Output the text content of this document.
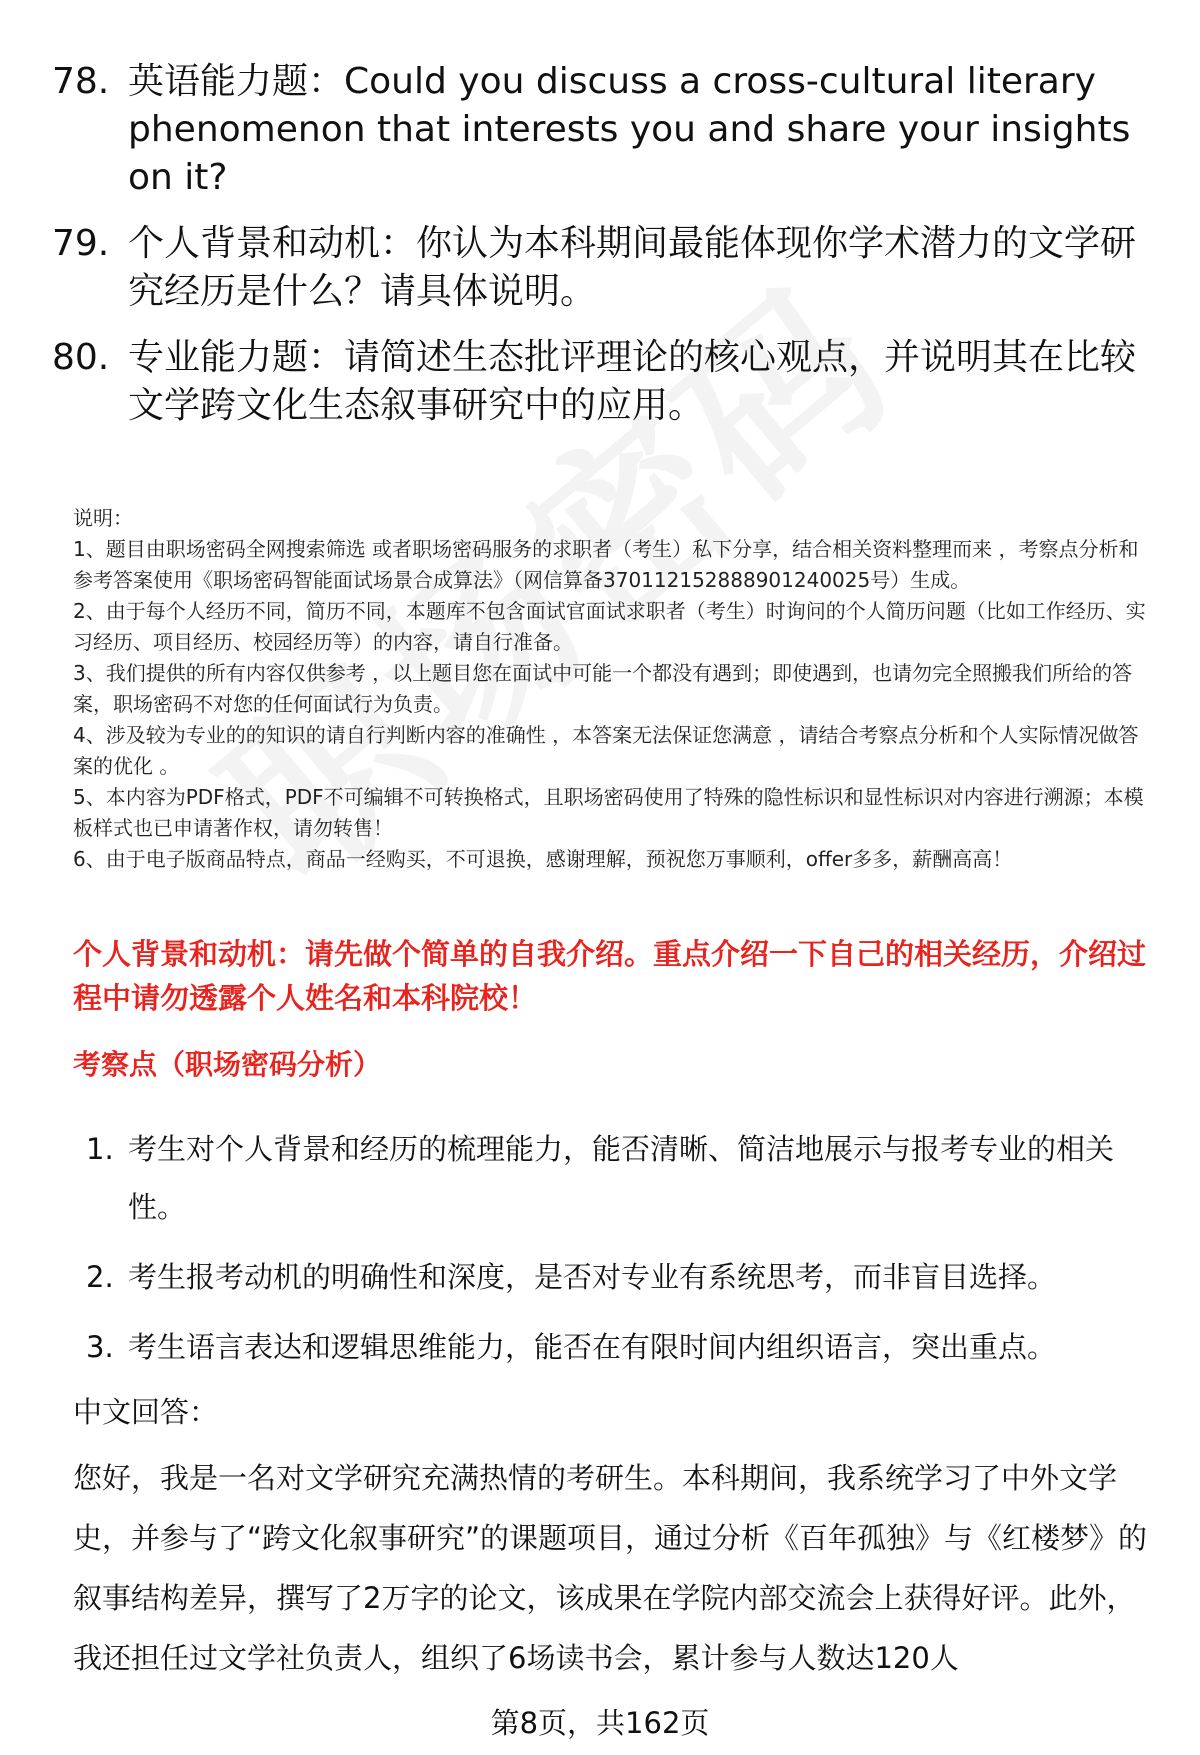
78. 英语能力题：Could you discuss a cross-cultural literary phenomenon that interests you and share your insights on it?
79. 个人背景和动机：你认为本科期间最能体现你学术潜力的文学研究经历是什么？请具体说明。
80. 专业能力题：请简述生态批评理论的核心观点，并说明其在比较文学跨文化生态叙事研究中的应用。

说明：

1、题目由职场密码全网搜索筛选 或者职场密码服务的求职者（考生）私下分享，结合相关资料整理而来 ，考察点分析和参考答案使用《职场密码智能面试场景合成算法》（网信算备370112152888901240025号）生成。

2、由于每个人经历不同，简历不同，本题库不包含面试官面试求职者（考生）时询问的个人简历问题（比如工作经历、实习经历、项目经历、校园经历等）的内容，请自行准备。

3、我们提供的所有内容仅供参考 ，以上题目您在面试中可能一个都没有遇到；即使遇到，也请勿完全照搬我们所给的答案，职场密码不对您的任何面试行为负责。

4、涉及较为专业的的知识的请自行判断内容的准确性 ，本答案无法保证您满意 ，请结合考察点分析和个人实际情况做答案的优化 。

5、本内容为PDF格式，PDF不可编辑不可转换格式，且职场密码使用了特殊的隐性标识和显性标识对内容进行溯源；本模板样式也已申请著作权，请勿转售！

6、由于电子版商品特点，商品一经购买，不可退换，感谢理解，预祝您万事顺利，offer多多，薪酬高高！

个人背景和动机：请先做个简单的自我介绍。重点介绍一下自己的相关经历，介绍过程中请勿透露个人姓名和本科院校！
考察点（职场密码分析）
1. 考生对个人背景和经历的梳理能力，能否清晰、简洁地展示与报考专业的相关性。
2. 考生报考动机的明确性和深度，是否对专业有系统思考，而非盲目选择。
3. 考生语言表达和逻辑思维能力，能否在有限时间内组织语言，突出重点。
中文回答：
您好，我是一名对文学研究充满热情的考研生。本科期间，我系统学习了中外文学史，并参与了“跨文化叙事研究”的课题项目，通过分析《百年孤独》与《红楼梦》的叙事结构差异，撰写了2万字的论文，该成果在学院内部交流会上获得好评。此外，我还担任过文学社负责人，组织了6场读书会，累计参与人数达120人
第8页，共162页
